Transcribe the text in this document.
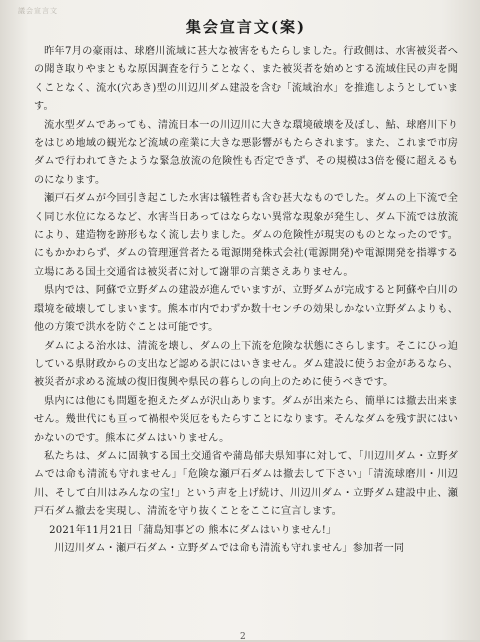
議会宣言文
集会宣言文(案)

昨年7月の豪雨は、球磨川流域に甚大な被害をもたらしました。行政側は、水害被災者への聞き取りやまともな原因調査を行うことなく、また被災者を始めとする流域住民の声を聞くことなく、流水(穴あき)型の川辺川ダム建設を含む「流域治水」を推進しようとしています。

流水型ダムであっても、清流日本一の川辺川に大きな環境破壊を及ぼし、鮎、球磨川下りをはじめ地域の観光など流域の産業に大きな悪影響がもたらされます。また、これまで市房ダムで行われてきたような緊急放流の危険性も否定できず、その規模は3倍を優に超えるものになります。

瀬戸石ダムが今回引き起こした水害は犠牲者も含む甚大なものでした。ダムの上下流で全く同じ水位になるなど、水害当日あってはならない異常な現象が発生し、ダム下流では放流により、建造物を跡形もなく流し去りました。ダムの危険性が現実のものとなったのです。にもかかわらず、ダムの管理運営者たる電源開発株式会社(電源開発)や電源開発を指導する立場にある国土交通省は被災者に対して謝罪の言葉さえありません。

県内では、阿蘇で立野ダムの建設が進んでいますが、立野ダムが完成すると阿蘇や白川の環境を破壊してしまいます。熊本市内でわずか数十センチの効果しかない立野ダムよりも、他の方策で洪水を防ぐことは可能です。

ダムによる治水は、清流を壊し、ダムの上下流を危険な状態にさらします。そこにひっ迫している県財政からの支出など認める訳にはいきません。ダム建設に使うお金があるなら、被災者が求める流域の復旧復興や県民の暮らしの向上のために使うべきです。

県内には他にも問題を抱えたダムが沢山あります。ダムが出来たら、簡単には撤去出来ません。幾世代にも亘って禍根や災厄をもたらすことになります。そんなダムを残す訳にはいかないのです。熊本にダムはいりません。

私たちは、ダムに固執する国土交通省や蒲島郁夫県知事に対して、「川辺川ダム・立野ダムでは命も清流も守れません」「危険な瀬戸石ダムは撤去して下さい」「清流球磨川・川辺川、そして白川はみんなの宝!」という声を上げ続け、川辺川ダム・立野ダム建設中止、瀬戸石ダム撤去を実現し、清流を守り抜くことをここに宣言します。

2021年11月21日「蒲島知事どの 熊本にダムはいりません!」

川辺川ダム・瀬戸石ダム・立野ダムでは命も清流も守れません」参加者一同

2
